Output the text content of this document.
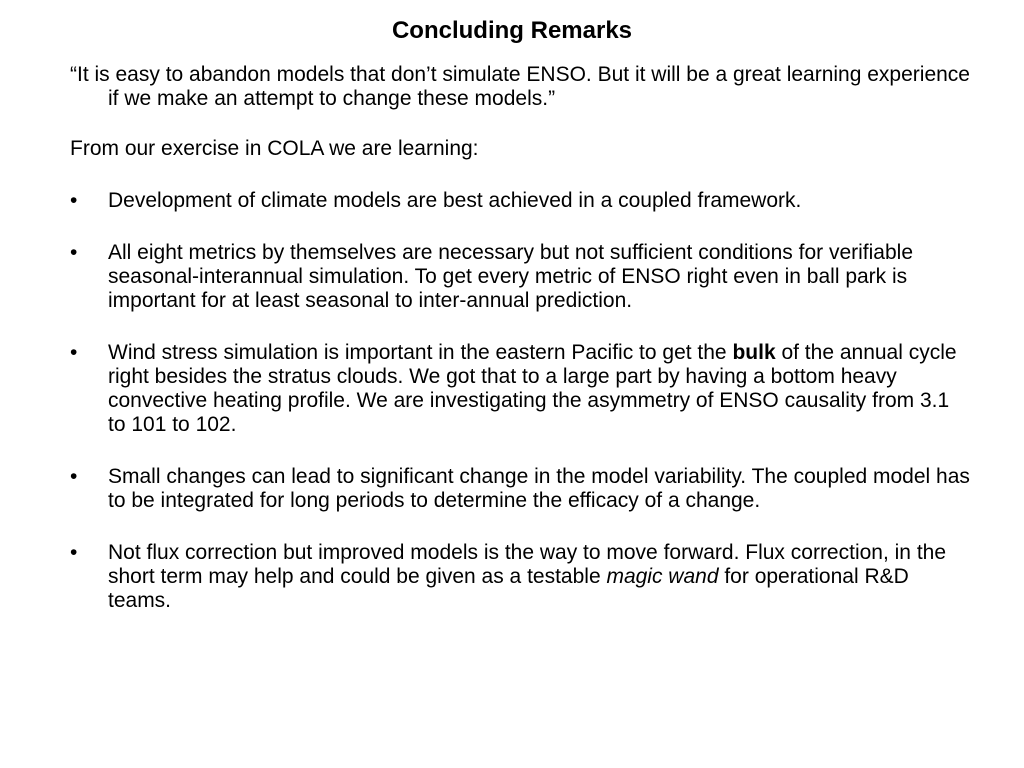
Concluding Remarks

“It is easy to abandon models that don’t simulate ENSO. But it will be a great learning experience if we make an attempt to change these models.”

From our exercise in COLA we are learning:

• Development of climate models are best achieved in a coupled framework.
• All eight metrics by themselves are necessary but not sufficient conditions for verifiable seasonal-interannual simulation. To get every metric of ENSO right even in ball park is important for at least seasonal to inter-annual prediction.
• Wind stress simulation is important in the eastern Pacific to get the bulk of the annual cycle right besides the stratus clouds. We got that to a large part by having a bottom heavy convective heating profile. We are investigating the asymmetry of ENSO causality from 3.1 to 101 to 102.
• Small changes can lead to significant change in the model variability. The coupled model has to be integrated for long periods to determine the efficacy of a change.
• Not flux correction but improved models is the way to move forward. Flux correction, in the short term may help and could be given as a testable magic wand for operational R&D teams.
